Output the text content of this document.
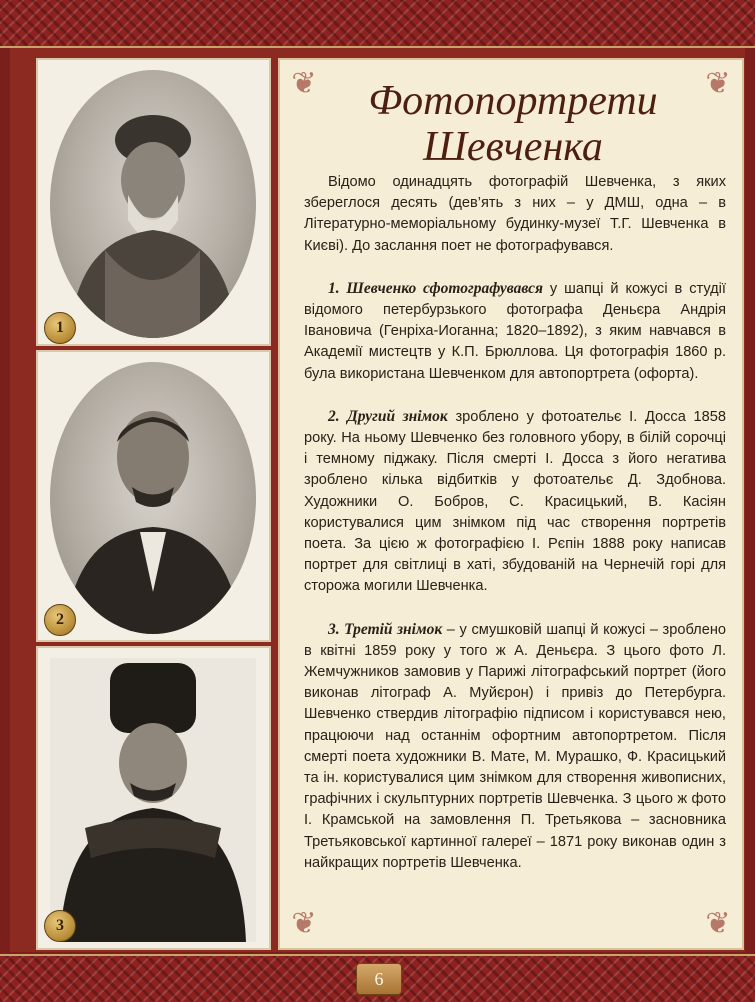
1
2
3
❦	❦
❦	❦
Фотопортрети
Шевченка

Відомо одинадцять фотографій Шевченка, з яких збереглося десять (дев’ять з них – у ДМШ, одна – в Літературно-меморіальному будинку-музеї Т.Г. Шевченка в Києві). До заслання поет не фотографувався.

1. Шевченко сфотографувався у шапці й кожусі в студії відомого петербурзького фотографа Деньєра Андрія Івановича (Генріха-Иоганна; 1820–1892), з яким навчався в Академії мистецтв у К.П. Брюллова. Ця фотографія 1860 р. була використана Шевченком для автопортрета (офорта).

2. Другий знімок зроблено у фотоательє І. Досса 1858 року. На ньому Шевченко без головного убору, в білій сорочці і темному піджаку. Після смерті І. Досса з його негатива зроблено кілька відбитків у фотоательє Д. Здобнова. Художники О. Бобров, С. Красицький, В. Касіян користувалися цим знімком під час створення портретів поета. За цією ж фотографією І. Рєпін 1888 року написав портрет для світлиці в хаті, збудованій на Чернечій горі для сторожа могили Шевченка.

3. Третій знімок – у смушковій шапці й кожусі – зроблено в квітні 1859 року у того ж А. Деньєра. З цього фото Л. Жемчужников замовив у Парижі літографський портрет (його виконав літограф А. Муйєрон) і привіз до Петербурга. Шевченко ствердив літографію підписом і користувався нею, працюючи над останнім офортним автопортретом. Після смерті поета художники В. Мате, М. Мурашко, Ф. Красицький та ін. користувалися цим знімком для створення живописних, графічних і скульптурних портретів Шевченка. З цього ж фото І. Крамськой на замовлення П. Третьякова – засновника Третьяковської картинної галереї – 1871 року виконав один з найкращих портретів Шевченка.

6
